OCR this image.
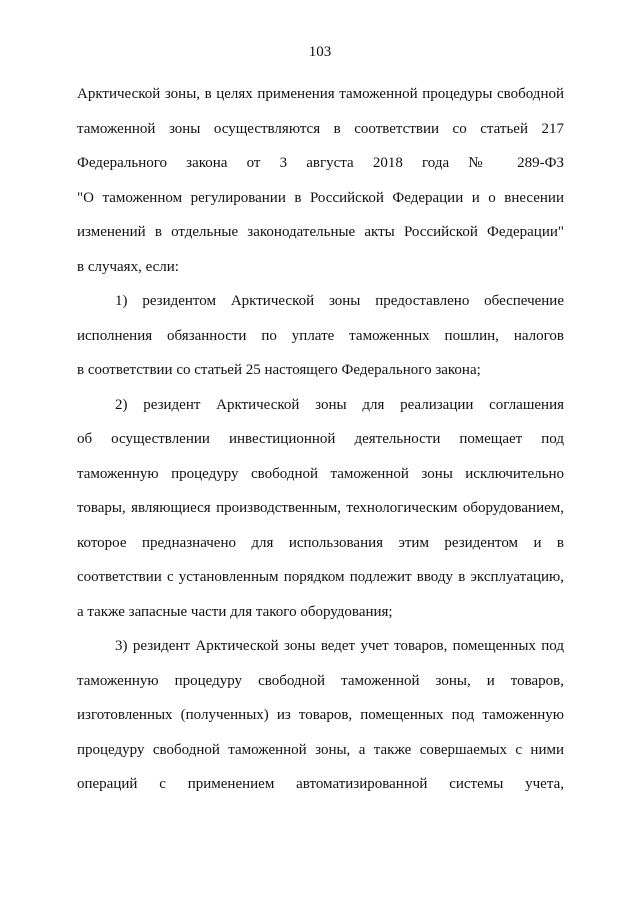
103
Арктической зоны, в целях применения таможенной процедуры свободной
таможенной зоны осуществляются в соответствии со статьей 217
Федерального закона от 3 августа 2018 года № 289-ФЗ
"О таможенном регулировании в Российской Федерации и о внесении
изменений в отдельные законодательные акты Российской Федерации"
в случаях, если:
1) резидентом Арктической зоны предоставлено обеспечение
исполнения обязанности по уплате таможенных пошлин, налогов
в соответствии со статьей 25 настоящего Федерального закона;
2) резидент Арктической зоны для реализации соглашения
об осуществлении инвестиционной деятельности помещает под
таможенную процедуру свободной таможенной зоны исключительно
товары, являющиеся производственным, технологическим оборудованием,
которое предназначено для использования этим резидентом и в
соответствии с установленным порядком подлежит вводу в эксплуатацию,
а также запасные части для такого оборудования;
3) резидент Арктической зоны ведет учет товаров, помещенных под
таможенную процедуру свободной таможенной зоны, и товаров,
изготовленных (полученных) из товаров, помещенных под таможенную
процедуру свободной таможенной зоны, а также совершаемых с ними
операций с применением автоматизированной системы учета,
